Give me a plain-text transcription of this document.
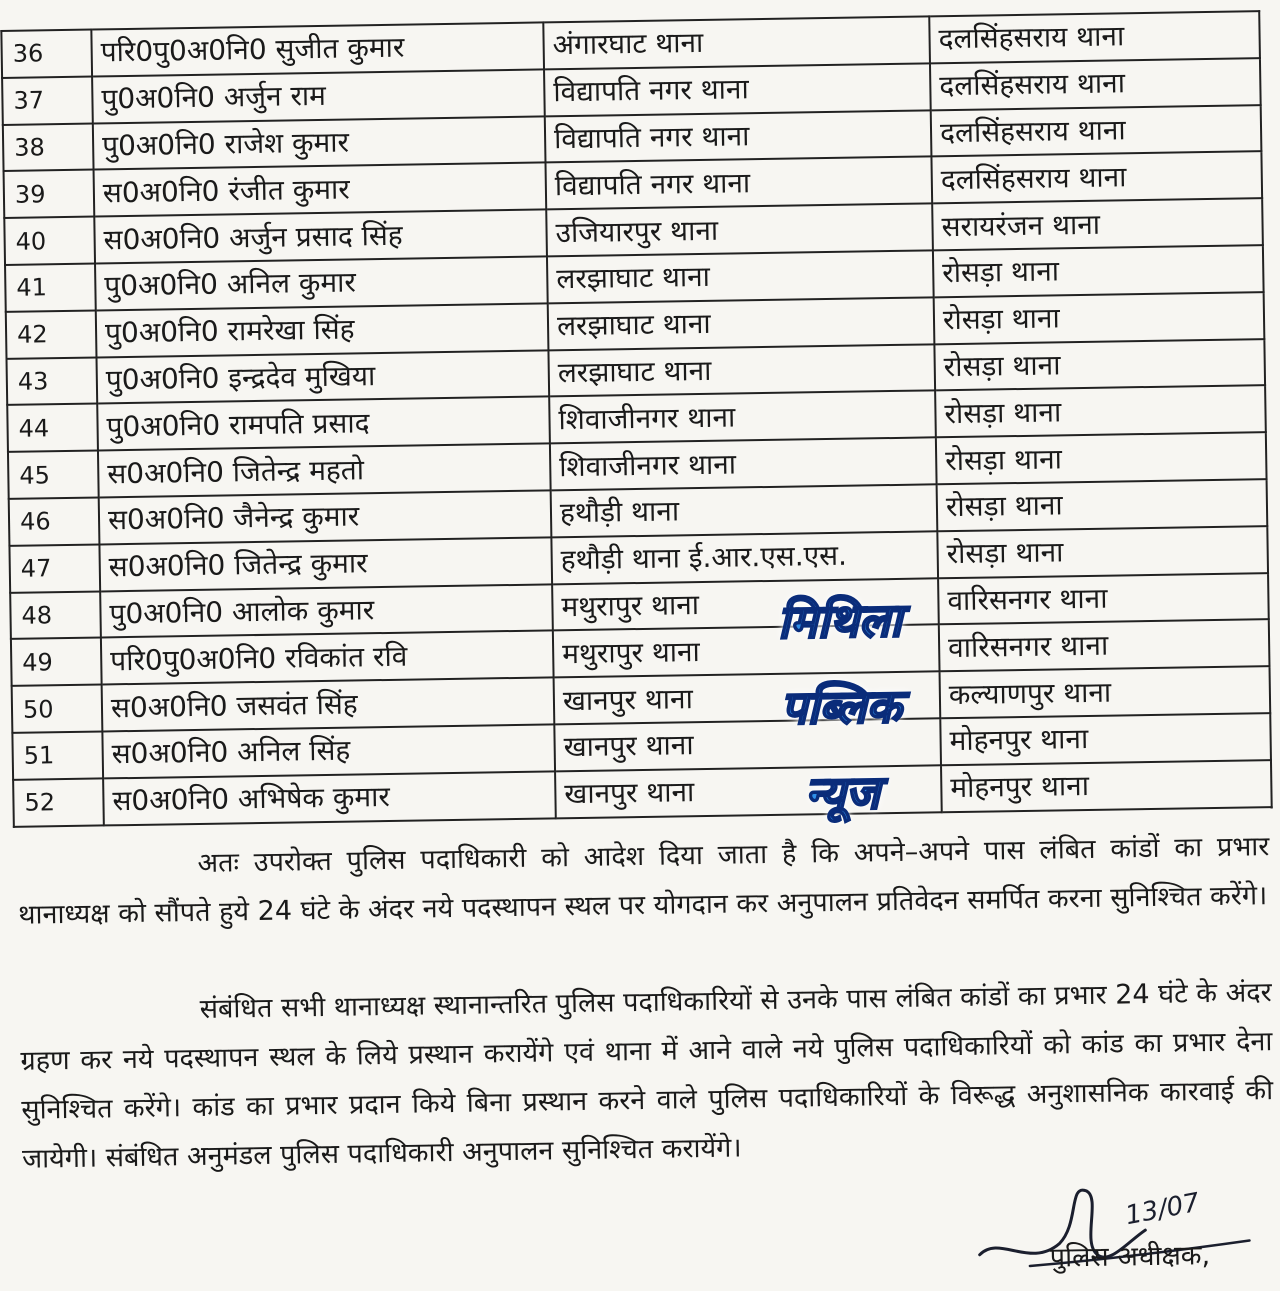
36	परि0पु0अ0नि0 सुजीत कुमार	अंगारघाट थाना	दलसिंहसराय थाना
37	पु0अ0नि0 अर्जुन राम	विद्यापति नगर थाना	दलसिंहसराय थाना
38	पु0अ0नि0 राजेश कुमार	विद्यापति नगर थाना	दलसिंहसराय थाना
39	स0अ0नि0 रंजीत कुमार	विद्यापति नगर थाना	दलसिंहसराय थाना
40	स0अ0नि0 अर्जुन प्रसाद सिंह	उजियारपुर थाना	सरायरंजन थाना
41	पु0अ0नि0 अनिल कुमार	लरझाघाट थाना	रोसड़ा थाना
42	पु0अ0नि0 रामरेखा सिंह	लरझाघाट थाना	रोसड़ा थाना
43	पु0अ0नि0 इन्द्रदेव मुखिया	लरझाघाट थाना	रोसड़ा थाना
44	पु0अ0नि0 रामपति प्रसाद	शिवाजीनगर थाना	रोसड़ा थाना
45	स0अ0नि0 जितेन्द्र महतो	शिवाजीनगर थाना	रोसड़ा थाना
46	स0अ0नि0 जैनेन्द्र कुमार	हथौड़ी थाना	रोसड़ा थाना
47	स0अ0नि0 जितेन्द्र कुमार	हथौड़ी थाना ई.आर.एस.एस.	रोसड़ा थाना
48	पु0अ0नि0 आलोक कुमार	मथुरापुर थाना	वारिसनगर थाना
49	परि0पु0अ0नि0 रविकांत रवि	मथुरापुर थाना	वारिसनगर थाना
50	स0अ0नि0 जसवंत सिंह	खानपुर थाना	कल्याणपुर थाना
51	स0अ0नि0 अनिल सिंह	खानपुर थाना	मोहनपुर थाना
52	स0अ0नि0 अभिषेक कुमार	खानपुर थाना	मोहनपुर थाना
अतः उपरोक्त पुलिस पदाधिकारी को आदेश दिया जाता है कि अपने–अपने पास लंबित कांडों का प्रभार थानाध्यक्ष को सौंपते हुये 24 घंटे के अंदर नये पदस्थापन स्थल पर योगदान कर अनुपालन प्रतिवेदन समर्पित करना सुनिश्चित करेंगे।
संबंधित सभी थानाध्यक्ष स्थानान्तरित पुलिस पदाधिकारियों से उनके पास लंबित कांडों का प्रभार 24 घंटे के अंदर ग्रहण कर नये पदस्थापन स्थल के लिये प्रस्थान करायेंगे एवं थाना में आने वाले नये पुलिस पदाधिकारियों को कांड का प्रभार देना सुनिश्चित करेंगे। कांड का प्रभार प्रदान किये बिना प्रस्थान करने वाले पुलिस पदाधिकारियों के विरूद्ध अनुशासनिक कारवाई की जायेगी। संबंधित अनुमंडल पुलिस पदाधिकारी अनुपालन सुनिश्चित करायेंगे।
मिथिला
पब्लिक
न्यूज
13/07
पुलिस अधीक्षक,
